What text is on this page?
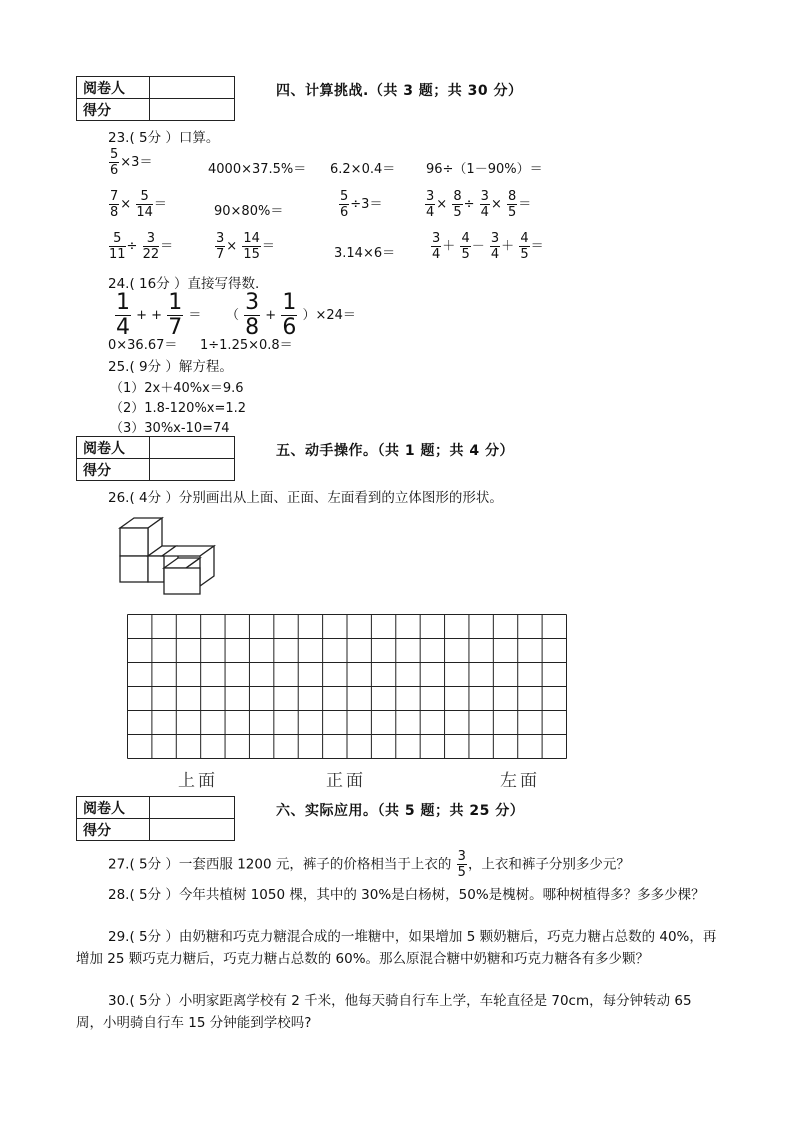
阅卷人	
得分	
四、计算挑战.（共 3 题；共 30 分）
23.( 5分 ）口算。
$\frac{5}{6} \times 3=$	4000×37.5%＝ 6.2×0.4＝ 96÷（1－90%）＝
$\frac{7}{8} \times \frac{5}{14}$ ＝	90×80%＝	$\frac{5}{6} \div 3=$	$\frac{3}{4} \times \frac{8}{5} \div \frac{3}{4} \times \frac{8}{5}$ ＝
$\frac{5}{11} \div \frac{3}{22}$ ＝	$\frac{3}{7} \times \frac{14}{15}$ ＝	3.14×6＝	$\frac{3}{4} + \frac{4}{5} - \frac{3}{4} + \frac{4}{5}$ ＝
24.( 16分 ）直接写得数.
$\frac{1}{4}$ + + $\frac{1}{7}$ ＝ （ $\frac{3}{8} + \frac{1}{6} )\times 24=$
0×36.67＝ 1÷1.25×0.8＝
25.( 9分 ）解方程。
（1）2x＋40%x＝9.6
（2）1.8-120%x=1.2
（3）30%x-10=74
阅卷人	
得分	
五、动手操作。（共 1 题；共 4 分）
26.( 4分 ）分别画出从上面、正面、左面看到的立体图形的形状。
上面	正面	左面
阅卷人	
得分	
六、实际应用。（共 5 题；共 25 分）
27.( 5分 ）一套西服 1200 元，裤子的价格相当于上衣的 $\frac{3}{5}$ ，上衣和裤子分别多少元？
28.( 5分 ）今年共植树 1050 棵，其中的 30%是白杨树，50%是槐树。哪种树植得多？多多少棵？
29.( 5分 ）由奶糖和巧克力糖混合成的一堆糖中，如果增加 5 颗奶糖后，巧克力糖占总数的 40%，再增加 25 颗巧克力糖后，巧克力糖占总数的 60%。那么原混合糖中奶糖和巧克力糖各有多少颗？
30.( 5分 ）小明家距离学校有 2 千米，他每天骑自行车上学，车轮直径是 70cm，每分钟转动 65 周，小明骑自行车 15 分钟能到学校吗?
